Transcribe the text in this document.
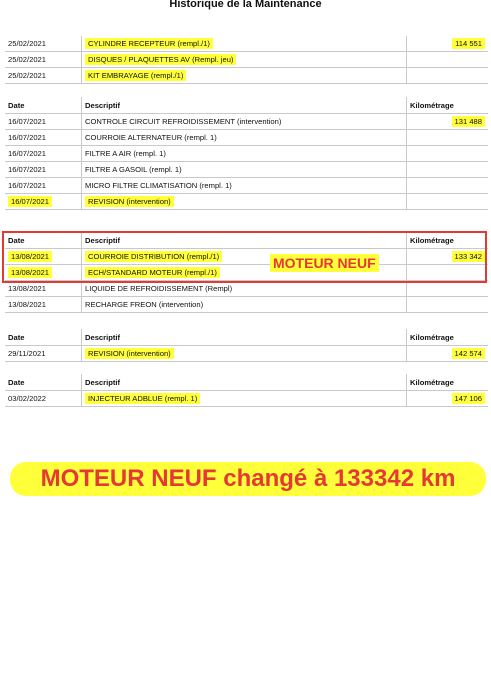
Historique de la Maintenance
25/02/2021	CYLINDRE RECEPTEUR (rempl./1)	114 551
25/02/2021	DISQUES / PLAQUETTES AV (Rempl. jeu)	
25/02/2021	KIT EMBRAYAGE (rempl./1)	
Date	Descriptif	Kilométrage
16/07/2021	CONTROLE CIRCUIT REFROIDISSEMENT (intervention)	131 488
16/07/2021	COURROIE ALTERNATEUR (rempl. 1)	
16/07/2021	FILTRE A AIR (rempl. 1)	
16/07/2021	FILTRE A GASOIL (rempl. 1)	
16/07/2021	MICRO FILTRE CLIMATISATION (rempl. 1)	
16/07/2021	REVISION (intervention)	
Date	Descriptif	Kilométrage
13/08/2021	COURROIE DISTRIBUTION (rempl./1)	133 342
13/08/2021	ECH/STANDARD MOTEUR (rempl./1)	
13/08/2021	LIQUIDE DE REFROIDISSEMENT (Rempl)	
13/08/2021	RECHARGE FREON (intervention)	
MOTEUR NEUF
Date	Descriptif	Kilométrage
29/11/2021	REVISION (intervention)	142 574
Date	Descriptif	Kilométrage
03/02/2022	INJECTEUR ADBLUE (rempl. 1)	147 106
MOTEUR NEUF changé à 133342 km
